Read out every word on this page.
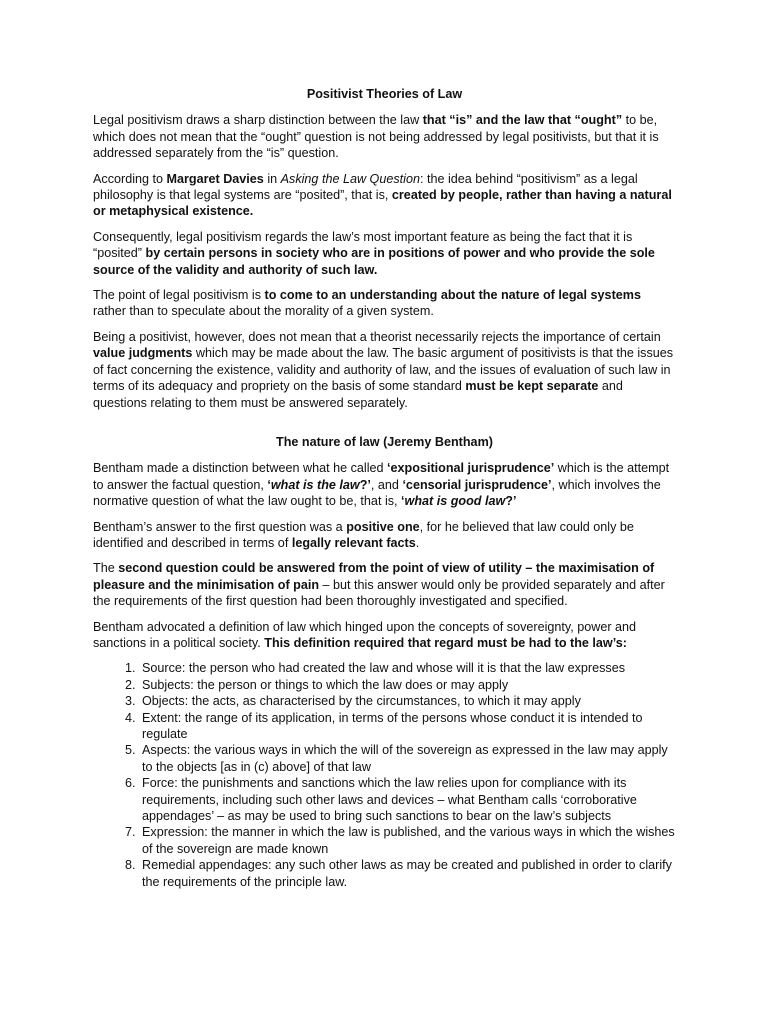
Positivist Theories of Law

Legal positivism draws a sharp distinction between the law that “is” and the law that “ought” to be, which does not mean that the “ought” question is not being addressed by legal positivists, but that it is addressed separately from the “is” question.

According to Margaret Davies in Asking the Law Question: the idea behind “positivism” as a legal philosophy is that legal systems are “posited”, that is, created by people, rather than having a natural or metaphysical existence.

Consequently, legal positivism regards the law’s most important feature as being the fact that it is “posited” by certain persons in society who are in positions of power and who provide the sole source of the validity and authority of such law.

The point of legal positivism is to come to an understanding about the nature of legal systems rather than to speculate about the morality of a given system.

Being a positivist, however, does not mean that a theorist necessarily rejects the importance of certain value judgments which may be made about the law. The basic argument of positivists is that the issues of fact concerning the existence, validity and authority of law, and the issues of evaluation of such law in terms of its adequacy and propriety on the basis of some standard must be kept separate and questions relating to them must be answered separately.

The nature of law (Jeremy Bentham)

Bentham made a distinction between what he called ‘expositional jurisprudence’ which is the attempt to answer the factual question, ‘what is the law?’, and ‘censorial jurisprudence’, which involves the normative question of what the law ought to be, that is, ‘what is good law?’

Bentham’s answer to the first question was a positive one, for he believed that law could only be identified and described in terms of legally relevant facts.

The second question could be answered from the point of view of utility – the maximisation of pleasure and the minimisation of pain – but this answer would only be provided separately and after the requirements of the first question had been thoroughly investigated and specified.

Bentham advocated a definition of law which hinged upon the concepts of sovereignty, power and sanctions in a political society. This definition required that regard must be had to the law’s:

1. Source: the person who had created the law and whose will it is that the law expresses
2. Subjects: the person or things to which the law does or may apply
3. Objects: the acts, as characterised by the circumstances, to which it may apply
4. Extent: the range of its application, in terms of the persons whose conduct it is intended to regulate
5. Aspects: the various ways in which the will of the sovereign as expressed in the law may apply to the objects [as in (c) above] of that law
6. Force: the punishments and sanctions which the law relies upon for compliance with its requirements, including such other laws and devices – what Bentham calls ‘corroborative appendages’ – as may be used to bring such sanctions to bear on the law’s subjects
7. Expression: the manner in which the law is published, and the various ways in which the wishes of the sovereign are made known
8. Remedial appendages: any such other laws as may be created and published in order to clarify the requirements of the principle law.
